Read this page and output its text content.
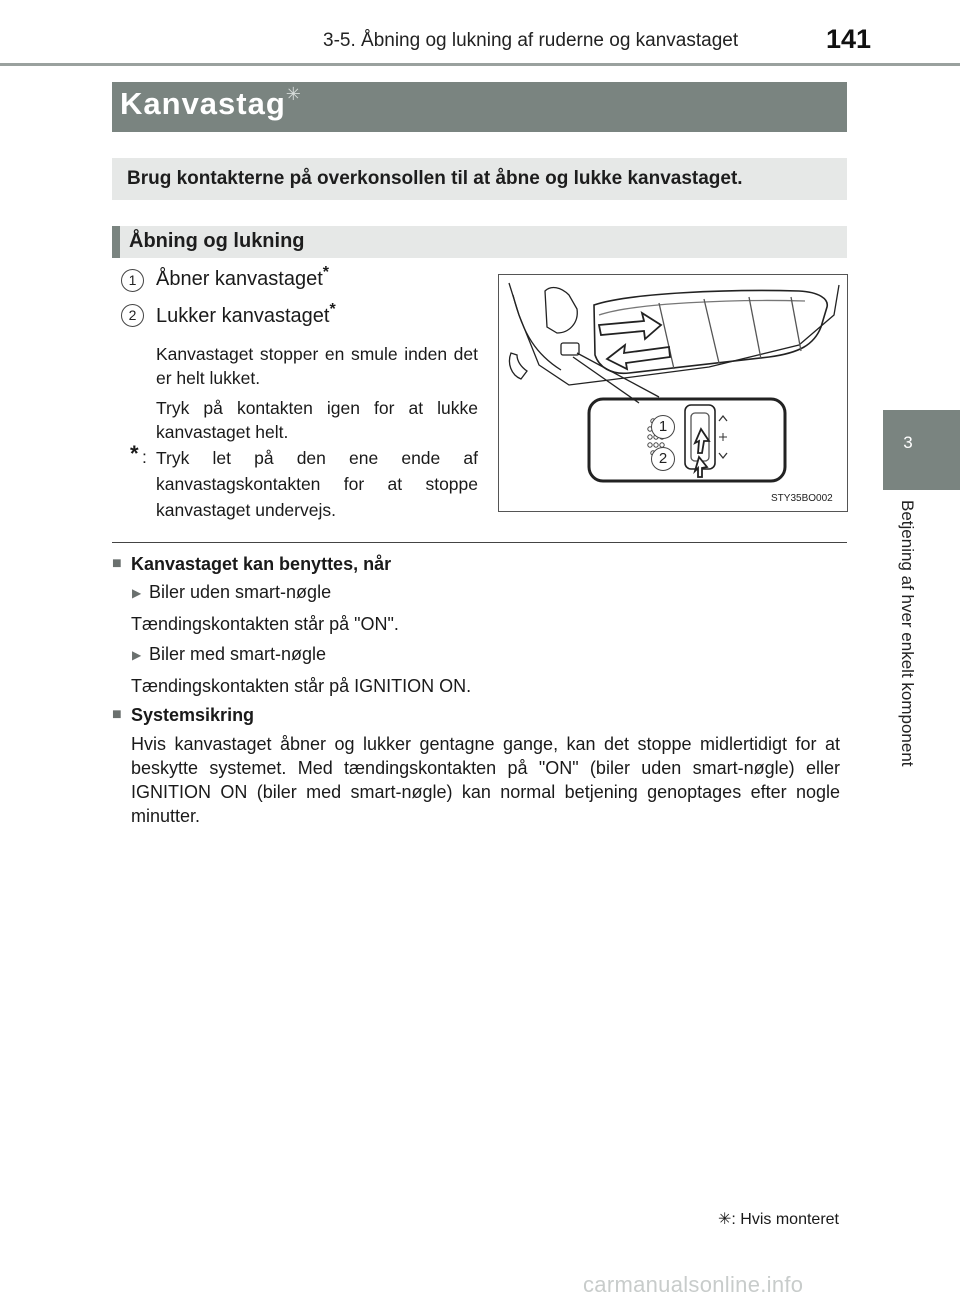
3-5. Åbning og lukning af ruderne og kanvastaget	141
3
Betjening af hver enkelt komponent
Kanvastag✳
Brug kontakterne på overkonsollen til at åbne og lukke kanvastaget.
Åbning og lukning
1 Åbner kanvastaget*
2 Lukker kanvastaget*
Kanvastaget stopper en smule inden det er helt lukket.
Tryk på kontakten igen for at lukke kanvastaget helt.
* : Tryk let på den ene ende af kanvastagskontakten for at stoppe kanvastaget undervejs.
1
2
STY35BO002
■ Kanvastaget kan benyttes, når
▶ Biler uden smart-nøgle
Tændingskontakten står på "ON".
▶ Biler med smart-nøgle
Tændingskontakten står på IGNITION ON.
■ Systemsikring
Hvis kanvastaget åbner og lukker gentagne gange, kan det stoppe midlertidigt for at beskytte systemet. Med tændingskontakten på "ON" (biler uden smart-nøgle) eller IGNITION ON (biler med smart-nøgle) kan normal betjening genoptages efter nogle minutter.
✳: Hvis monteret
carmanualsonline.info
